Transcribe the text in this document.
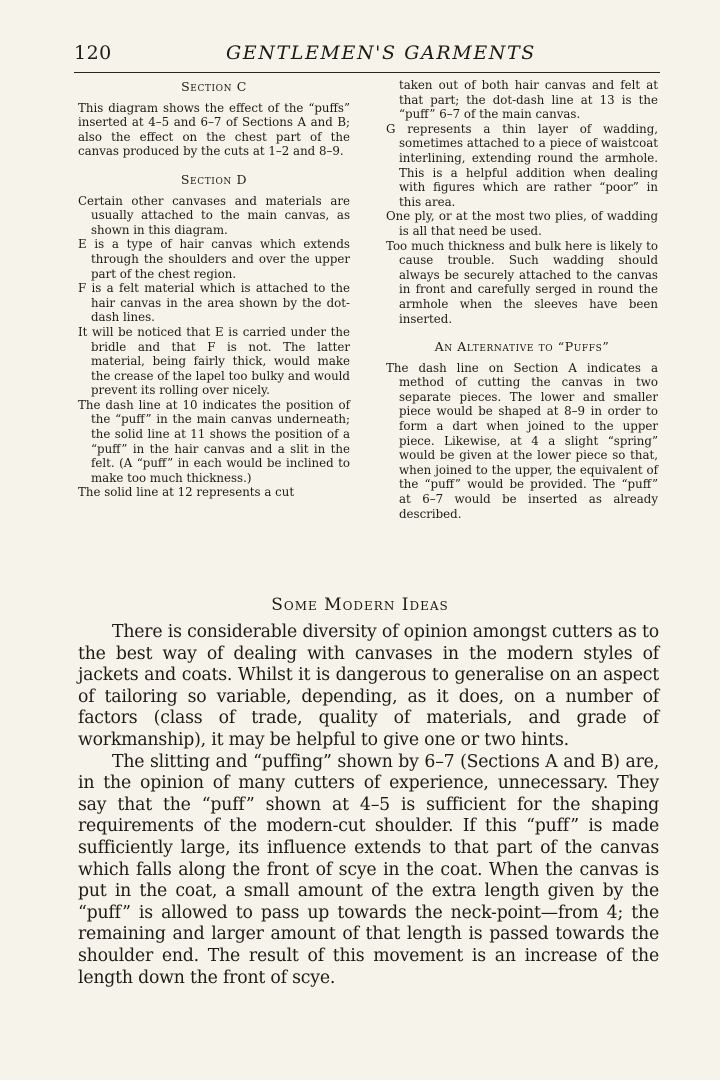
120	GENTLEMEN'S GARMENTS
Section C

This diagram shows the effect of the “puffs” inserted at 4–5 and 6–7 of Sections A and B; also the effect on the chest part of the canvas produced by the cuts at 1–2 and 8–9.

Section D

Certain other canvases and materials are usually attached to the main canvas, as shown in this diagram.

E is a type of hair canvas which extends through the shoulders and over the upper part of the chest region.

F is a felt material which is attached to the hair canvas in the area shown by the dot-dash lines.

It will be noticed that E is carried under the bridle and that F is not. The latter material, being fairly thick, would make the crease of the lapel too bulky and would prevent its rolling over nicely.

The dash line at 10 indicates the position of the “puff” in the main canvas underneath; the solid line at 11 shows the position of a “puff” in the hair canvas and a slit in the felt. (A “puff” in each would be inclined to make too much thickness.)

The solid line at 12 represents a cut

taken out of both hair canvas and felt at that part; the dot-dash line at 13 is the “puff” 6–7 of the main canvas.

G represents a thin layer of wadding, sometimes attached to a piece of waistcoat interlining, extending round the armhole. This is a helpful addition when dealing with figures which are rather “poor” in this area.

One ply, or at the most two plies, of wadding is all that need be used.

Too much thickness and bulk here is likely to cause trouble. Such wadding should always be securely attached to the canvas in front and carefully serged in round the armhole when the sleeves have been inserted.

An Alternative to “Puffs”

The dash line on Section A indicates a method of cutting the canvas in two separate pieces. The lower and smaller piece would be shaped at 8–9 in order to form a dart when joined to the upper piece. Likewise, at 4 a slight “spring” would be given at the lower piece so that, when joined to the upper, the equivalent of the “puff” would be provided. The “puff” at 6–7 would be inserted as already described.

Some Modern Ideas

There is considerable diversity of opinion amongst cutters as to the best way of dealing with canvases in the modern styles of jackets and coats. Whilst it is dangerous to generalise on an aspect of tailoring so variable, depending, as it does, on a number of factors (class of trade, quality of materials, and grade of workmanship), it may be helpful to give one or two hints.

The slitting and “puffing” shown by 6–7 (Sections A and B) are, in the opinion of many cutters of experience, unnecessary. They say that the “puff” shown at 4–5 is sufficient for the shaping requirements of the modern-cut shoulder. If this “puff” is made sufficiently large, its influence extends to that part of the canvas which falls along the front of scye in the coat. When the canvas is put in the coat, a small amount of the extra length given by the “puff” is allowed to pass up towards the neck-point—from 4; the remaining and larger amount of that length is passed towards the shoulder end. The result of this movement is an increase of the length down the front of scye.
